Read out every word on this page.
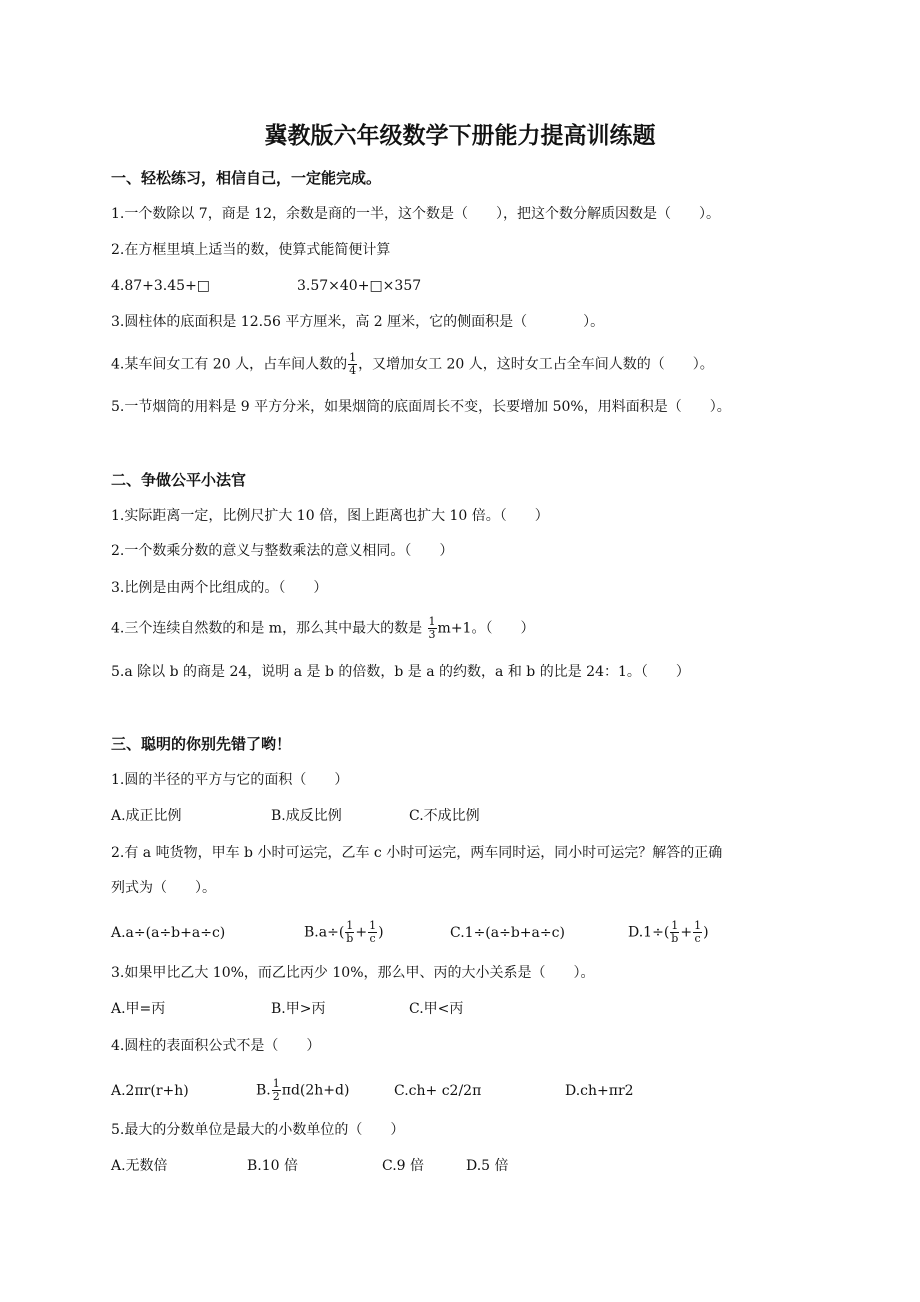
冀教版六年级数学下册能力提高训练题
一、轻松练习，相信自己，一定能完成。
1.一个数除以 7，商是 12，余数是商的一半，这个数是（　　），把这个数分解质因数是（　　）。
2.在方框里填上适当的数，使算式能简便计算
4.87+3.45+□	3.57×40+□×357
3.圆柱体的底面积是 12.56 平方厘米，高 2 厘米，它的侧面积是（　　　　）。
4.某车间女工有 20 人，占车间人数的 $\frac{1}{4}$ ，又增加女工 20 人，这时女工占全车间人数的（　　）。
5.一节烟筒的用料是 9 平方分米，如果烟筒的底面周长不变，长要增加 50%，用料面积是（　　）。
二、争做公平小法官
1.实际距离一定，比例尺扩大 10 倍，图上距离也扩大 10 倍。（　　）
2.一个数乘分数的意义与整数乘法的意义相同。（　　）
3.比例是由两个比组成的。（　　）
4.三个连续自然数的和是 m，那么其中最大的数是 $\frac{1}{3} m+1$。（　　）
5.a 除以 b 的商是 24，说明 a 是 b 的倍数，b 是 a 的约数，a 和 b 的比是 24：1。（　　）
三、聪明的你别先错了哟！
1.圆的半径的平方与它的面积（　　）
A.成正比例	B.成反比例	C.不成比例
2.有 a 吨货物，甲车 b 小时可运完，乙车 c 小时可运完，两车同时运，同小时可运完？解答的正确
列式为（　　）。
A.a÷(a÷b+a÷c)	$B.a\div( \frac{1}{b} + \frac{1}{c}$ )	C.1÷(a÷b+a÷c)	$D.1\div( \frac{1}{b} + \frac{1}{c}$ )
3.如果甲比乙大 10%，而乙比丙少 10%，那么甲、丙的大小关系是（　　）。
A.甲=丙	B.甲>丙	C.甲<丙
4.圆柱的表面积公式不是（　　）
A.2πr(r+h)	B. $\frac{1}{2} \pi d(2h+d)$	C.ch+ c2/2π	D.ch+πr2
5.最大的分数单位是最大的小数单位的（　　）
A.无数倍	B.10 倍	C.9 倍	D.5 倍
